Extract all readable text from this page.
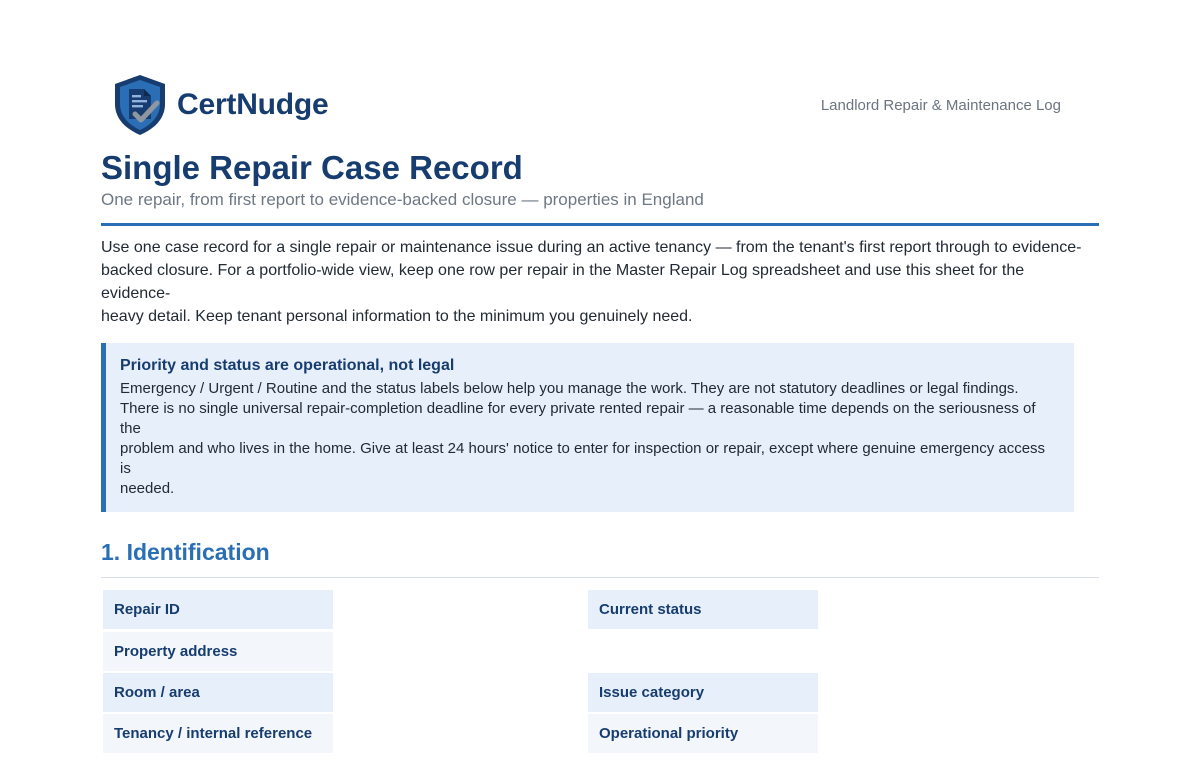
CertNudge	Landlord Repair & Maintenance Log
Single Repair Case Record
One repair, from first report to evidence-backed closure — properties in England
Use one case record for a single repair or maintenance issue during an active tenancy — from the tenant's first report through to evidence-
backed closure. For a portfolio-wide view, keep one row per repair in the Master Repair Log spreadsheet and use this sheet for the evidence-
heavy detail. Keep tenant personal information to the minimum you genuinely need.
Priority and status are operational, not legal
Emergency / Urgent / Routine and the status labels below help you manage the work. They are not statutory deadlines or legal findings.
There is no single universal repair-completion deadline for every private rented repair — a reasonable time depends on the seriousness of the
problem and who lives in the home. Give at least 24 hours' notice to enter for inspection or repair, except where genuine emergency access is
needed.
1. Identification
Repair ID	Current status
Property address
Room / area	Issue category
Tenancy / internal reference	Operational priority
